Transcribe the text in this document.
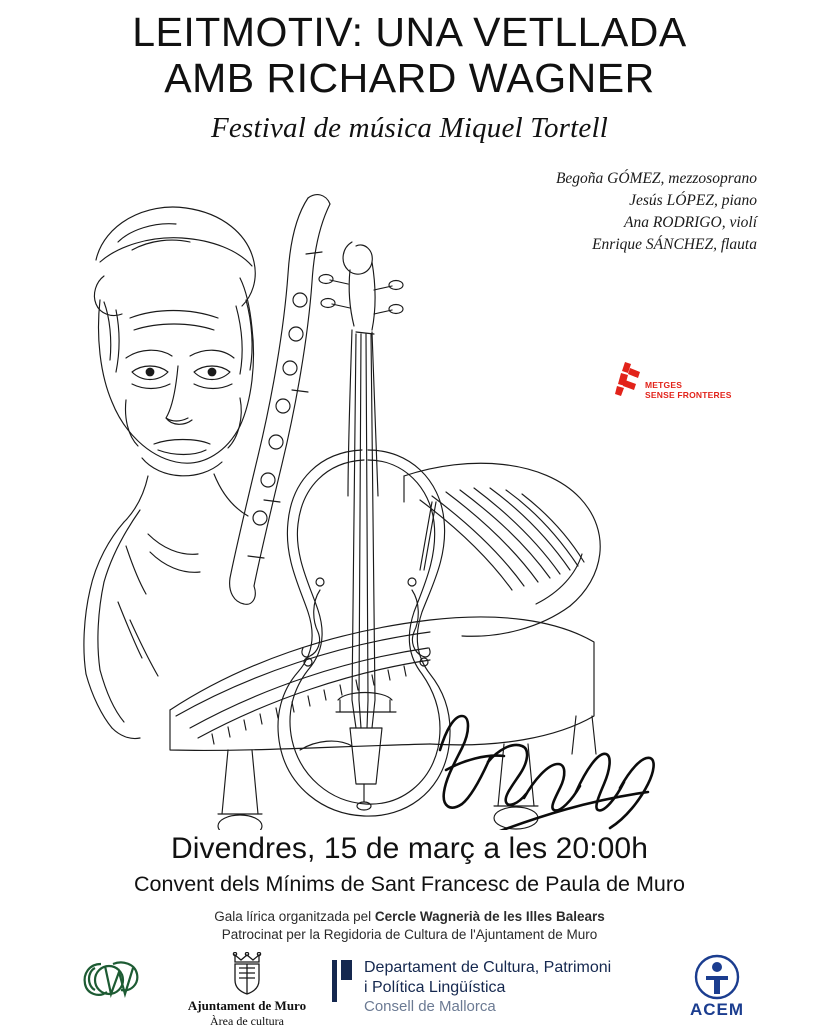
LEITMOTIV: UNA VETLLADA
AMB RICHARD WAGNER
Festival de música Miquel Tortell
Begoña GÓMEZ, mezzosoprano
Jesús LÓPEZ, piano
Ana RODRIGO, violí
Enrique SÁNCHEZ, flauta
METGES
SENSE FRONTERES
Divendres, 15 de març a les 20:00h
Convent dels Mínims de Sant Francesc de Paula de Muro
Gala lírica organitzada pel Cercle Wagnerià de les Illes Balears
Patrocinat per la Regidoria de Cultura de l'Ajuntament de Muro
Ajuntament de Muro
Àrea de cultura
Departament de Cultura, Patrimoni
i Política Lingüística
Consell de Mallorca	ACEM
